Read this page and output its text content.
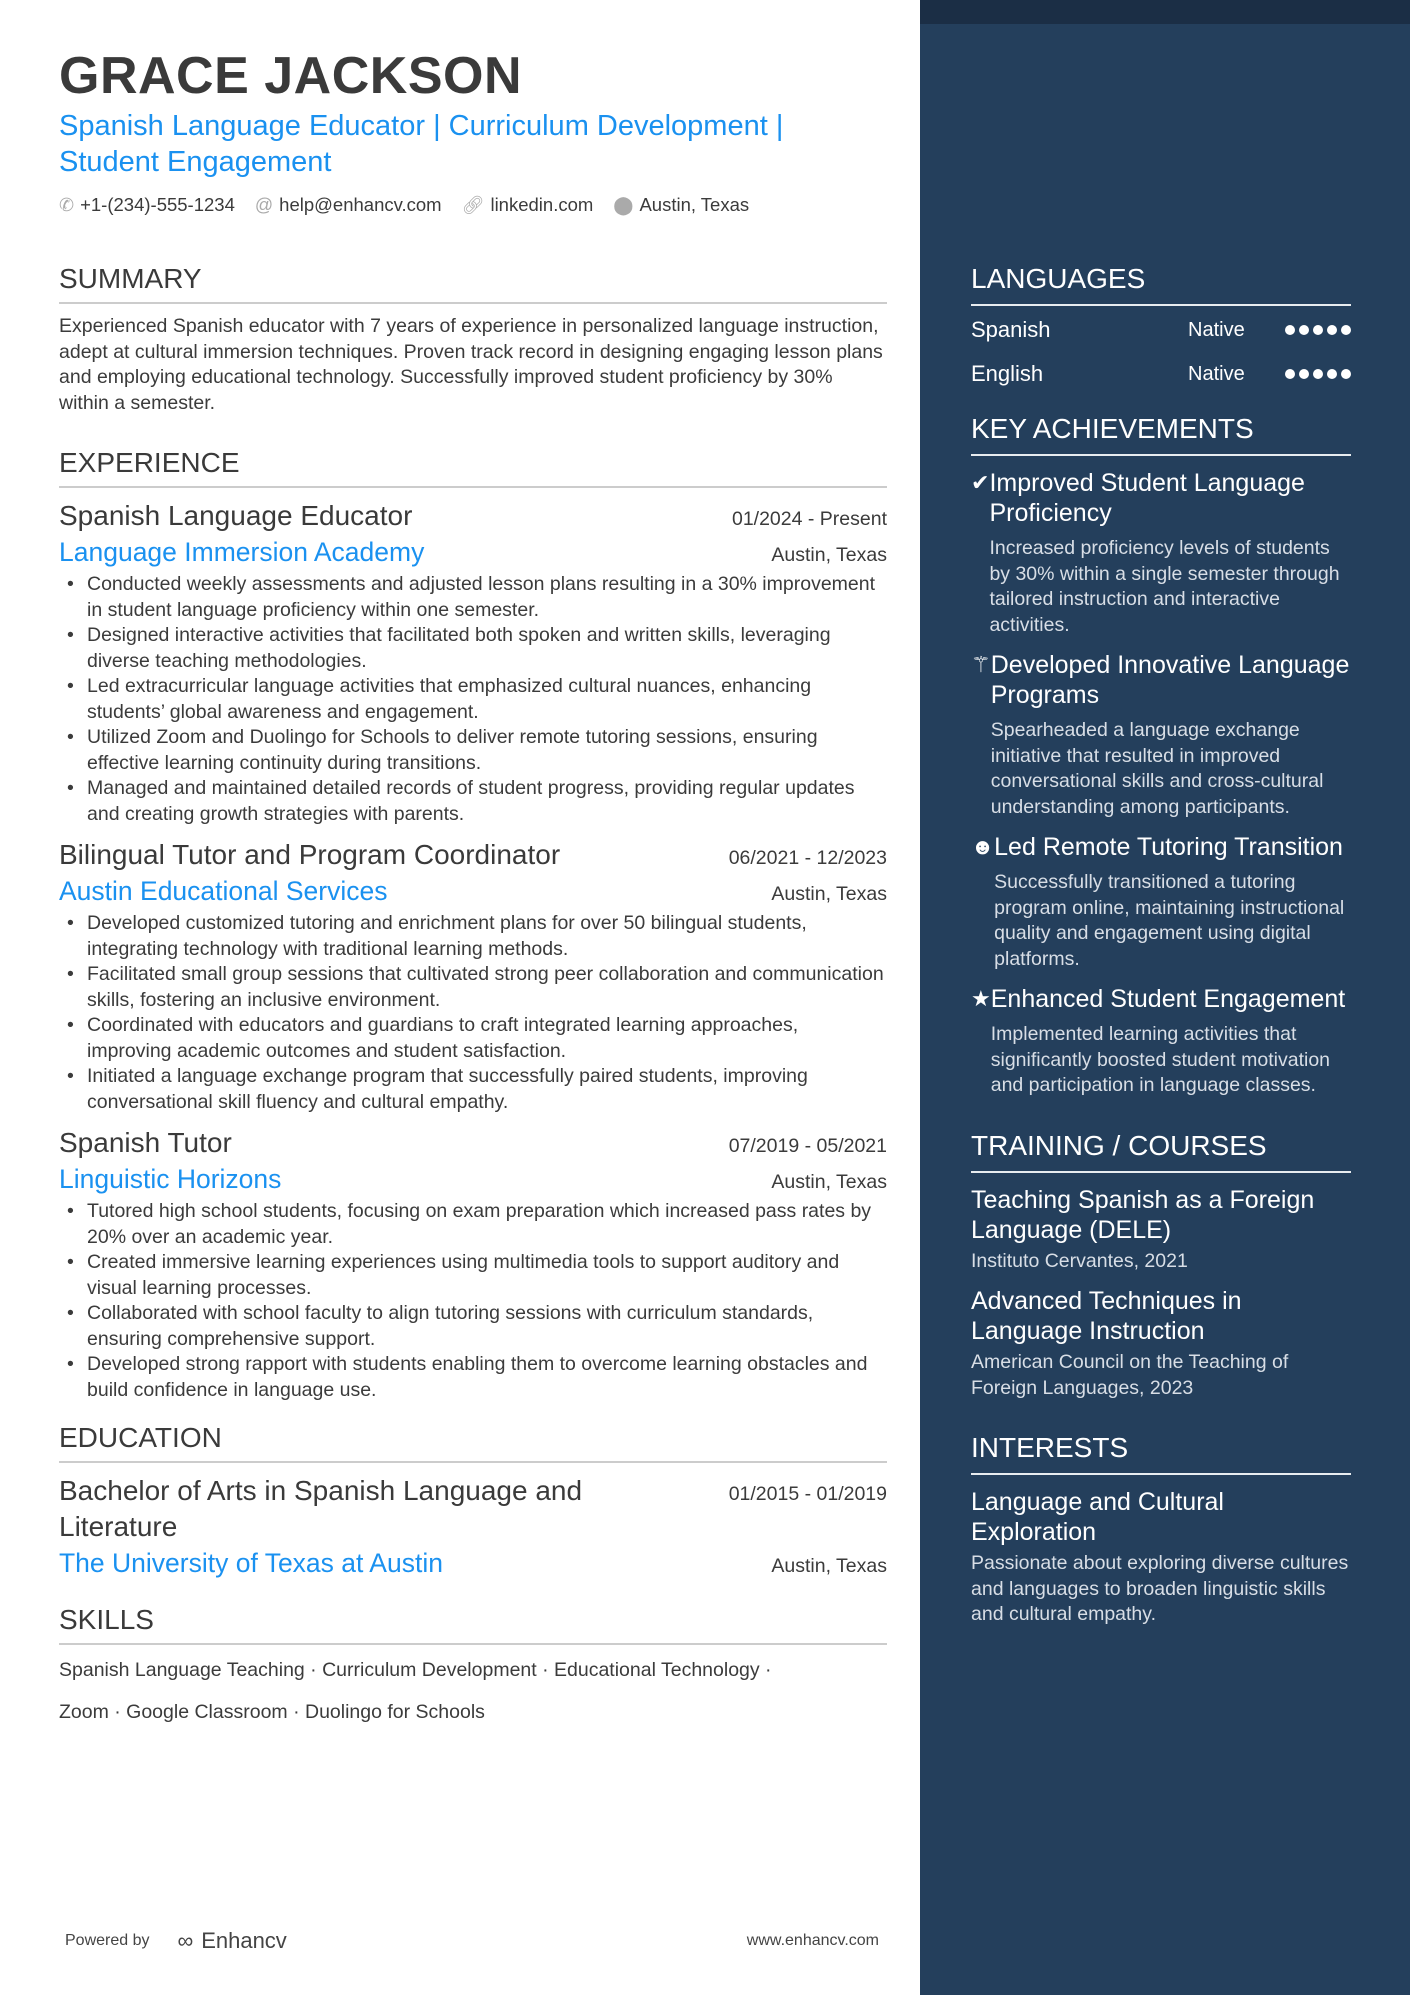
GRACE JACKSON
Spanish Language Educator | Curriculum Development | Student Engagement
✆ +1-(234)-555-1234 @ help@enhancv.com 🔗︎ linkedin.com ⬤ Austin, Texas
SUMMARY
Experienced Spanish educator with 7 years of experience in personalized language instruction, adept at cultural immersion techniques. Proven track record in designing engaging lesson plans and employing educational technology. Successfully improved student proficiency by 30% within a semester.
EXPERIENCE
Spanish Language Educator	01/2024 - Present
Language Immersion Academy	Austin, Texas
• Conducted weekly assessments and adjusted lesson plans resulting in a 30% improvement in student language proficiency within one semester.
• Designed interactive activities that facilitated both spoken and written skills, leveraging diverse teaching methodologies.
• Led extracurricular language activities that emphasized cultural nuances, enhancing students’ global awareness and engagement.
• Utilized Zoom and Duolingo for Schools to deliver remote tutoring sessions, ensuring effective learning continuity during transitions.
• Managed and maintained detailed records of student progress, providing regular updates and creating growth strategies with parents.
Bilingual Tutor and Program Coordinator	06/2021 - 12/2023
Austin Educational Services	Austin, Texas
• Developed customized tutoring and enrichment plans for over 50 bilingual students, integrating technology with traditional learning methods.
• Facilitated small group sessions that cultivated strong peer collaboration and communication skills, fostering an inclusive environment.
• Coordinated with educators and guardians to craft integrated learning approaches, improving academic outcomes and student satisfaction.
• Initiated a language exchange program that successfully paired students, improving conversational skill fluency and cultural empathy.
Spanish Tutor	07/2019 - 05/2021
Linguistic Horizons	Austin, Texas
• Tutored high school students, focusing on exam preparation which increased pass rates by 20% over an academic year.
• Created immersive learning experiences using multimedia tools to support auditory and visual learning processes.
• Collaborated with school faculty to align tutoring sessions with curriculum standards, ensuring comprehensive support.
• Developed strong rapport with students enabling them to overcome learning obstacles and build confidence in language use.
EDUCATION
Bachelor of Arts in Spanish Language and Literature
01/2015 - 01/2019
The University of Texas at Austin	Austin, Texas
SKILLS
Spanish Language Teaching · Curriculum Development · Educational Technology ·
Zoom · Google Classroom · Duolingo for Schools
Powered by ∞ Enhancv	www.enhancv.com
LANGUAGES
Spanish	Native
English	Native
KEY ACHIEVEMENTS
✔ Improved Student Language Proficiency
Increased proficiency levels of students by 30% within a single semester through tailored instruction and interactive activities.
⚚ Developed Innovative Language Programs
Spearheaded a language exchange initiative that resulted in improved conversational skills and cross-cultural understanding among participants.
☻ Led Remote Tutoring Transition
Successfully transitioned a tutoring program online, maintaining instructional quality and engagement using digital platforms.
★ Enhanced Student Engagement
Implemented learning activities that significantly boosted student motivation and participation in language classes.
TRAINING / COURSES
Teaching Spanish as a Foreign Language (DELE)
Instituto Cervantes, 2021
Advanced Techniques in Language Instruction
American Council on the Teaching of Foreign Languages, 2023
INTERESTS
Language and Cultural Exploration
Passionate about exploring diverse cultures and languages to broaden linguistic skills and cultural empathy.
